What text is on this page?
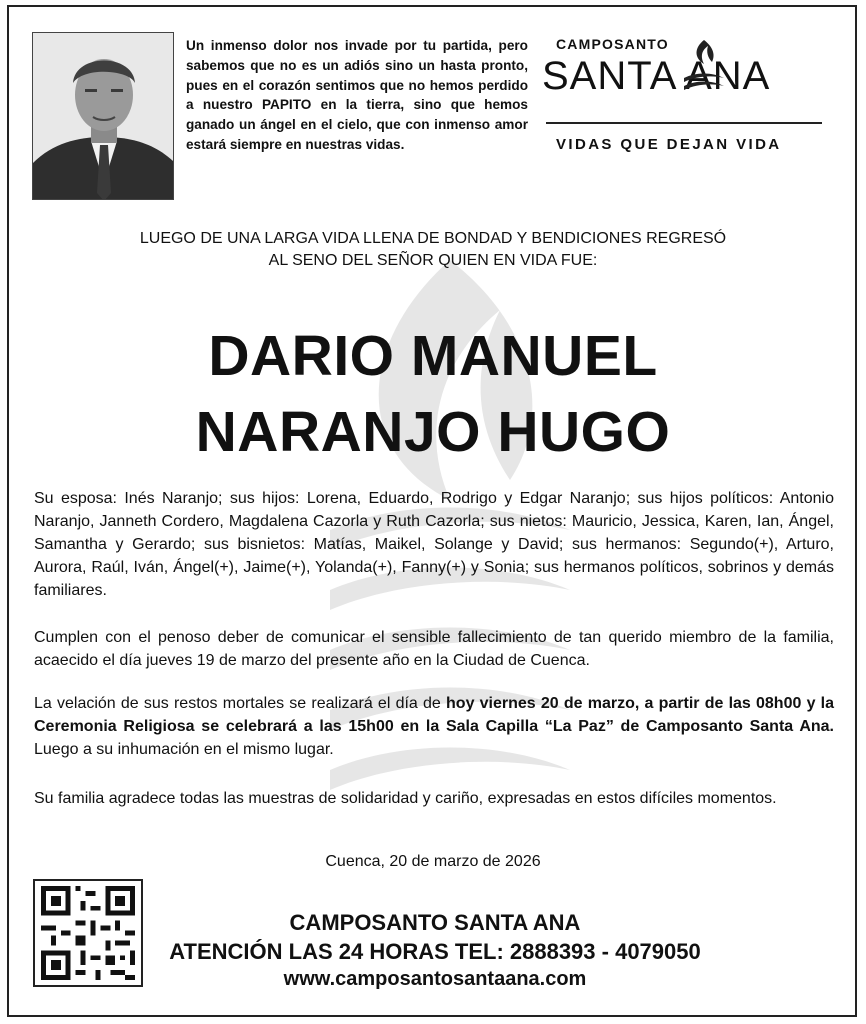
Un inmenso dolor nos invade por tu partida, pero sabemos que no es un adiós sino un hasta pronto, pues en el corazón sentimos que no hemos perdido a nuestro PAPITO en la tierra, sino que hemos ganado un ángel en el cielo, que con inmenso amor estará siempre en nuestras vidas.
CAMPOSANTO
SANTA ANA
VIDAS QUE DEJAN VIDA
LUEGO DE UNA LARGA VIDA LLENA DE BONDAD Y BENDICIONES REGRESÓ
AL SENO DEL SEÑOR QUIEN EN VIDA FUE:
DARIO MANUEL
NARANJO HUGO

Su esposa: Inés Naranjo; sus hijos: Lorena, Eduardo, Rodrigo y Edgar Naranjo; sus hijos políticos: Antonio Naranjo, Janneth Cordero, Magdalena Cazorla y Ruth Cazorla; sus nietos: Mauricio, Jessica, Karen, Ian, Ángel, Samantha y Gerardo; sus bisnietos: Matías, Maikel, Solange y David; sus hermanos: Segundo(+), Arturo, Aurora, Raúl, Iván, Ángel(+), Jaime(+), Yolanda(+), Fanny(+) y Sonia; sus hermanos políticos, sobrinos y demás familiares.

Cumplen con el penoso deber de comunicar el sensible fallecimiento de tan querido miembro de la familia, acaecido el día jueves 19 de marzo del presente año en la Ciudad de Cuenca.

La velación de sus restos mortales se realizará el día de hoy viernes 20 de marzo, a partir de las 08h00 y la Ceremonia Religiosa se celebrará a las 15h00 en la Sala Capilla “La Paz” de Camposanto Santa Ana. Luego a su inhumación en el mismo lugar.

Su familia agradece todas las muestras de solidaridad y cariño, expresadas en estos difíciles momentos.

Cuenca, 20 de marzo de 2026
CAMPOSANTO SANTA ANA
ATENCIÓN LAS 24 HORAS TEL: 2888393 - 4079050
www.camposantosantaana.com
